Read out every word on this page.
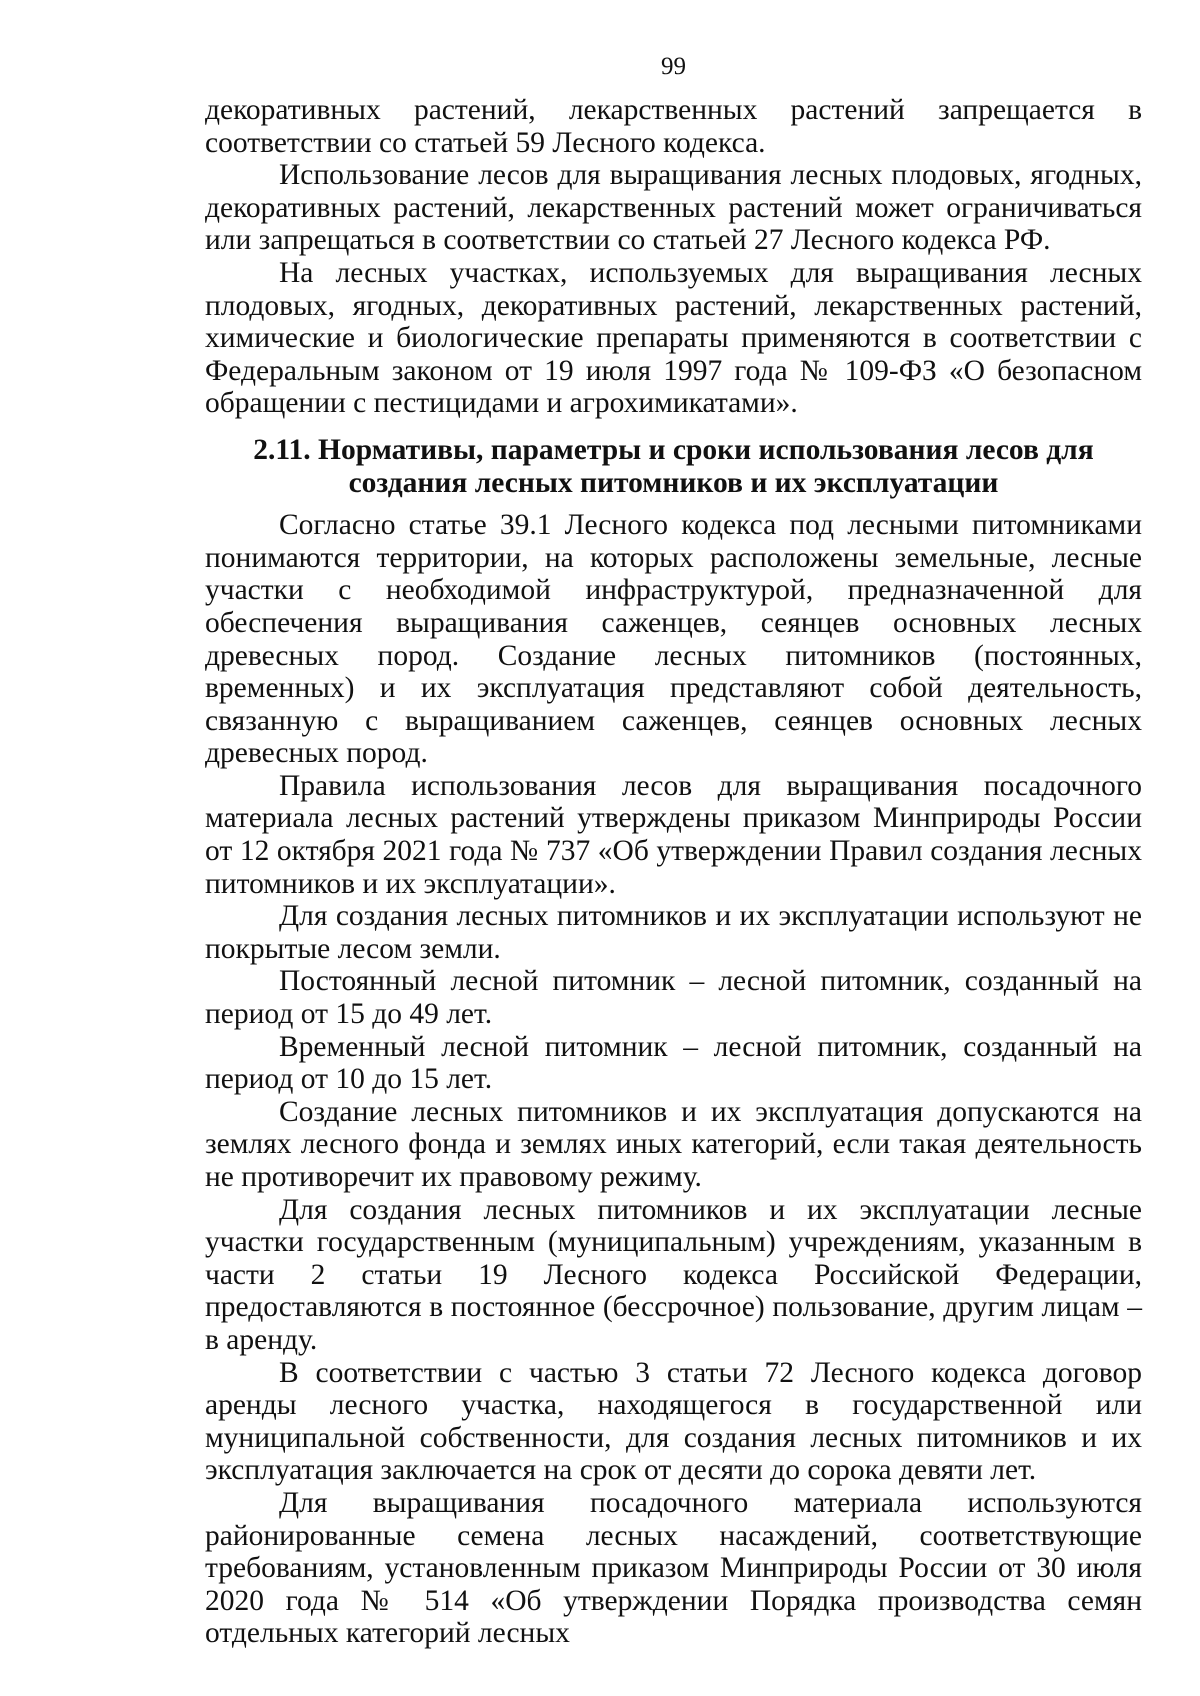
99

декоративных растений, лекарственных растений запрещается в соответствии со статьей 59 Лесного кодекса.

Использование лесов для выращивания лесных плодовых, ягодных, декоративных растений, лекарственных растений может ограничиваться или запрещаться в соответствии со статьей 27 Лесного кодекса РФ.

На лесных участках, используемых для выращивания лесных плодовых, ягодных, декоративных растений, лекарственных растений, химические и биологические препараты применяются в соответствии с Федеральным законом от 19 июля 1997 года № 109-ФЗ «О безопасном обращении с пестицидами и агрохимикатами».

2.11. Нормативы, параметры и сроки использования лесов для создания лесных питомников и их эксплуатации

Согласно статье 39.1 Лесного кодекса под лесными питомниками понимаются территории, на которых расположены земельные, лесные участки с необходимой инфраструктурой, предназначенной для обеспечения выращивания саженцев, сеянцев основных лесных древесных пород. Создание лесных питомников (постоянных, временных) и их эксплуатация представляют собой деятельность, связанную с выращиванием саженцев, сеянцев основных лесных древесных пород.

Правила использования лесов для выращивания посадочного материала лесных растений утверждены приказом Минприроды России от 12 октября 2021 года № 737 «Об утверждении Правил создания лесных питомников и их эксплуатации».

Для создания лесных питомников и их эксплуатации используют не покрытые лесом земли.

Постоянный лесной питомник – лесной питомник, созданный на период от 15 до 49 лет.

Временный лесной питомник – лесной питомник, созданный на период от 10 до 15 лет.

Создание лесных питомников и их эксплуатация допускаются на землях лесного фонда и землях иных категорий, если такая деятельность не противоречит их правовому режиму.

Для создания лесных питомников и их эксплуатации лесные участки государственным (муниципальным) учреждениям, указанным в части 2 статьи 19 Лесного кодекса Российской Федерации, предоставляются в постоянное (бессрочное) пользование, другим лицам – в аренду.

В соответствии с частью 3 статьи 72 Лесного кодекса договор аренды лесного участка, находящегося в государственной или муниципальной собственности, для создания лесных питомников и их эксплуатация заключается на срок от десяти до сорока девяти лет.

Для выращивания посадочного материала используются районированные семена лесных насаждений, соответствующие требованиям, установленным приказом Минприроды России от 30 июля 2020 года № 514 «Об утверждении Порядка производства семян отдельных категорий лесных
